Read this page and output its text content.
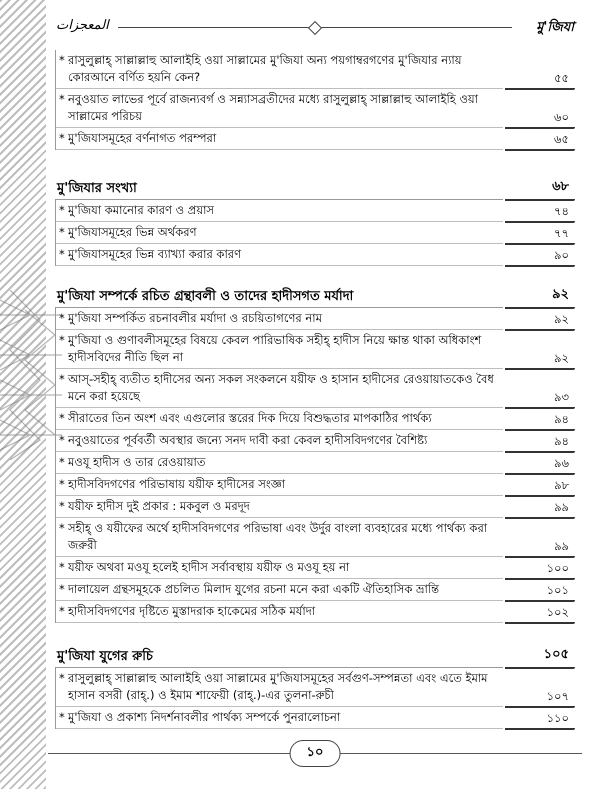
المعجزات	মু'জিযা
* রাসুলুল্লাহ্ সাল্লাল্লাহু আলাইহি ওয়া সাল্লামের মু'জিযা অন্য পয়গাম্বরগণের মু'জিযার ন্যায় কোরআনে বর্ণিত হয়নি কেন?	৫৫
* নবুওয়াত লাভের পূর্বে রাজন্যবর্গ ও সন্ন্যাসব্রতীদের মধ্যে রাসুলুল্লাহ্ সাল্লাল্লাহু আলাইহি ওয়া সাল্লামের পরিচয়	৬০
* মু'জিযাসমূহের বর্ণনাগত পরম্পরা	৬৫
মু'জিযার সংখ্যা	৬৮
* মু'জিযা কমানোর কারণ ও প্রয়াস	৭৪
* মু'জিযাসমূহের ভিন্ন অর্থকরণ	৭৭
* মু'জিযাসমূহের ভিন্ন ব্যাখ্যা করার কারণ	৯০
মু'জিযা সম্পর্কে রচিত গ্রন্থাবলী ও তাদের হাদীসগত মর্যাদা	৯২
* মু'জিযা সম্পর্কিত রচনাবলীর মর্যাদা ও রচয়িতাগণের নাম	৯২
* মু'জিযা ও গুণাবলীসমূহের বিষয়ে কেবল পারিভাষিক সহীহ্ হাদীস নিয়ে ক্ষান্ত থাকা অধিকাংশ হাদীসবিদের নীতি ছিল না	৯২
* আস্-সহীহ্ ব্যতীত হাদীসের অন্য সকল সংকলনে যয়ীফ ও হাসান হাদীসের রেওয়ায়াতকেও বৈধ মনে করা হয়েছে	৯৩
* সীরাতের তিন অংশ এবং এগুলোর স্তরের দিক দিয়ে বিশুদ্ধতার মাপকাঠির পার্থক্য	৯৪
* নবুওয়াতের পূর্ববর্তী অবস্থার জন্যে সনদ দাবী করা কেবল হাদীসবিদগণের বৈশিষ্ট্য	৯৪
* মওযূ হাদীস ও তার রেওয়ায়াত	৯৬
* হাদীসবিদগণের পরিভাষায় যয়ীফ হাদীসের সংজ্ঞা	৯৮
* যয়ীফ হাদীস দুই প্রকার : মকবুল ও মরদূদ	৯৯
* সহীহ্ ও যয়ীফের অর্থে হাদীসবিদগণের পরিভাষা এবং উর্দুর বাংলা ব্যবহারের মধ্যে পার্থক্য করা জরুরী	৯৯
* যয়ীফ অথবা মওযূ হলেই হাদীস সর্বাবস্থায় যয়ীফ ও মওযূ হয় না	১০০
* দালায়েল গ্রন্থসমূহকে প্রচলিত মিলাদ যুগের রচনা মনে করা একটি ঐতিহাসিক ভ্রান্তি	১০১
* হাদীসবিদগণের দৃষ্টিতে মুস্তাদরাক হাকেমের সঠিক মর্যাদা	১০২
মু'জিযা যুগের রুচি	১০৫
* রাসুলুল্লাহ্ সাল্লাল্লাহু আলাইহি ওয়া সাল্লামের মু'জিযাসমূহের সর্বগুণ-সম্পন্নতা এবং এতে ইমাম হাসান বসরী (রাহ্.) ও ইমাম শাফেয়ী (রাহ্.)-এর তুলনা-রুচী	১০৭
* মু'জিযা ও প্রকাশ্য নিদর্শনাবলীর পার্থক্য সম্পর্কে পুনরালোচনা	১১০
১০
